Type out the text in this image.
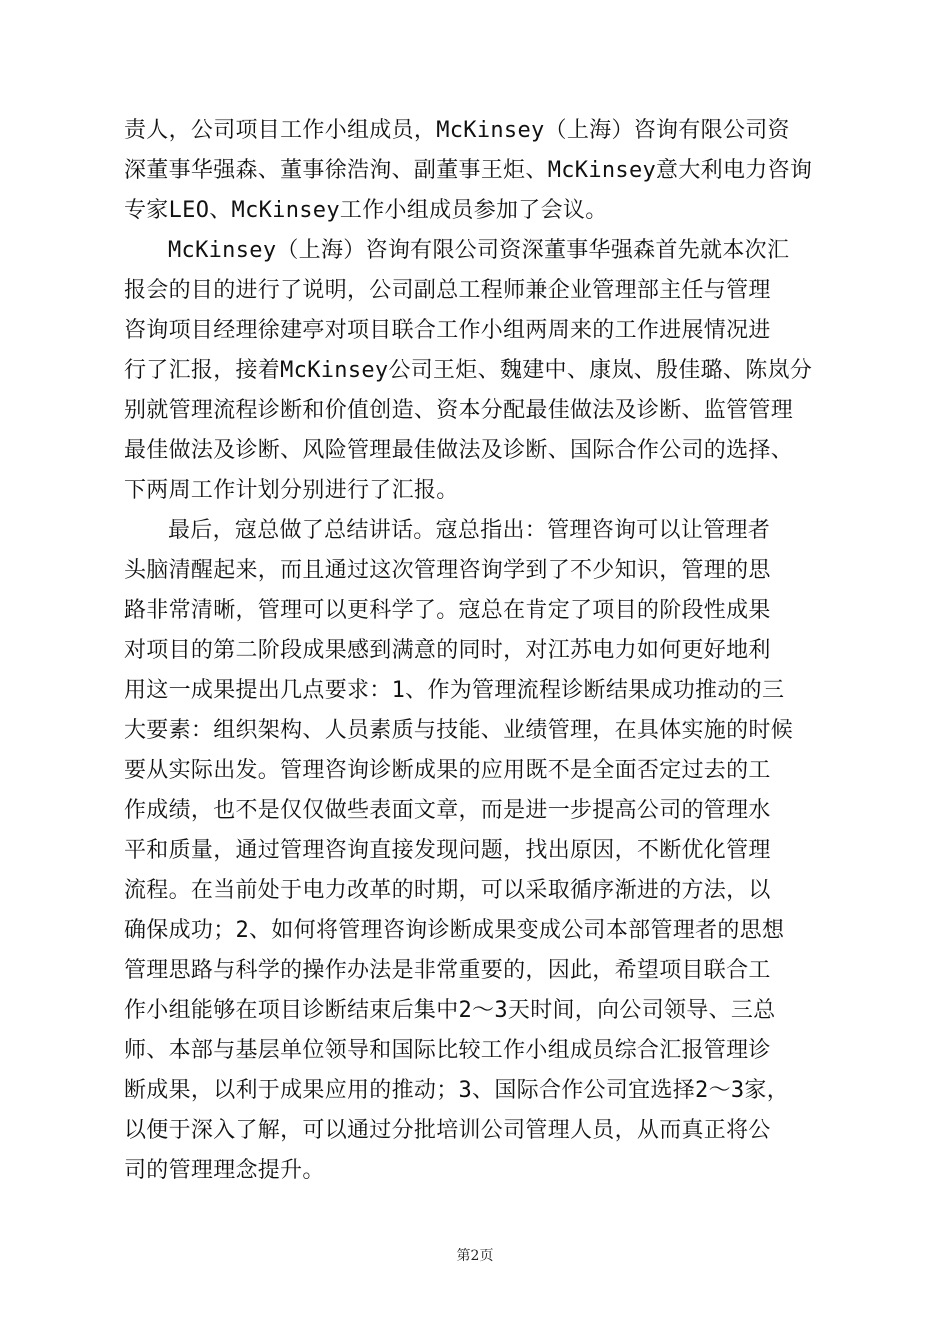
责人，公司项目工作小组成员，McKinsey（上海）咨询有限公司资
深董事华强森、董事徐浩洵、副董事王炬、McKinsey意大利电力咨询
专家LEO、McKinsey工作小组成员参加了会议。
McKinsey（上海）咨询有限公司资深董事华强森首先就本次汇
报会的目的进行了说明，公司副总工程师兼企业管理部主任与管理
咨询项目经理徐建亭对项目联合工作小组两周来的工作进展情况进
行了汇报，接着McKinsey公司王炬、魏建中、康岚、殷佳璐、陈岚分
别就管理流程诊断和价值创造、资本分配最佳做法及诊断、监管管理
最佳做法及诊断、风险管理最佳做法及诊断、国际合作公司的选择、
下两周工作计划分别进行了汇报。
最后，寇总做了总结讲话。寇总指出：管理咨询可以让管理者
头脑清醒起来，而且通过这次管理咨询学到了不少知识，管理的思
路非常清晰，管理可以更科学了。寇总在肯定了项目的阶段性成果
对项目的第二阶段成果感到满意的同时，对江苏电力如何更好地利
用这一成果提出几点要求：1、作为管理流程诊断结果成功推动的三
大要素：组织架构、人员素质与技能、业绩管理，在具体实施的时候
要从实际出发。管理咨询诊断成果的应用既不是全面否定过去的工
作成绩，也不是仅仅做些表面文章，而是进一步提高公司的管理水
平和质量，通过管理咨询直接发现问题，找出原因，不断优化管理
流程。在当前处于电力改革的时期，可以采取循序渐进的方法，以
确保成功；2、如何将管理咨询诊断成果变成公司本部管理者的思想
管理思路与科学的操作办法是非常重要的，因此，希望项目联合工
作小组能够在项目诊断结束后集中2～3天时间，向公司领导、三总
师、本部与基层单位领导和国际比较工作小组成员综合汇报管理诊
断成果，以利于成果应用的推动；3、国际合作公司宜选择2～3家，
以便于深入了解，可以通过分批培训公司管理人员，从而真正将公
司的管理理念提升。
第2页
